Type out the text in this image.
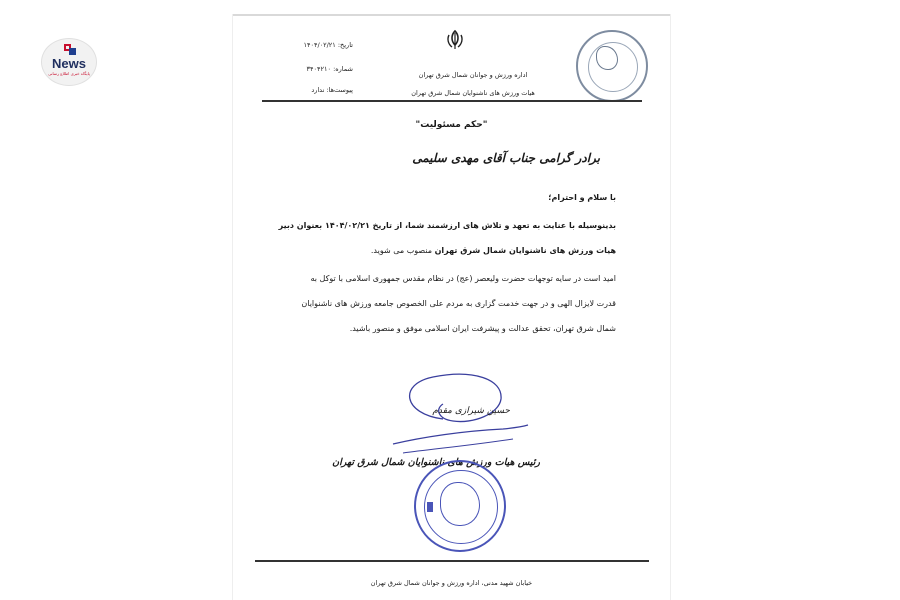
News
پایگاه خبری اطلاع رسانی	اداره ورزش و جوانان شمال شرق تهران
هیات ورزش های ناشنوایان شمال شرق تهران
تاریخ: ۱۴۰۴/۰۲/۲۱
شماره: ۳۴۰۴۲۱۰
پیوست‌ها: ندارد
"حکم مسئولیت"
برادر گرامی جناب آقای مهدی سلیمی
با سلام و احترام؛
بدینوسیله با عنایت به تعهد و تلاش های ارزشمند شما، از تاریخ ۱۴۰۴/۰۲/۲۱ بعنوان دبیر
هیات ورزش های ناشنوایان شمال شرق تهران منصوب می شوید.
امید است در سایه توجهات حضرت ولیعصر (عج) در نظام مقدس جمهوری اسلامی با توکل به
قدرت لایزال الهی و در جهت خدمت گزاری به مردم علی الخصوص جامعه ورزش های ناشنوایان
شمال شرق تهران، تحقق عدالت و پیشرفت ایران اسلامی موفق و منصور باشید.
حسین شیرازی مقدم
رئیس هیات ورزش های ناشنوایان شمال شرق تهران
خیابان شهید مدنی، اداره ورزش و جوانان شمال شرق تهران
